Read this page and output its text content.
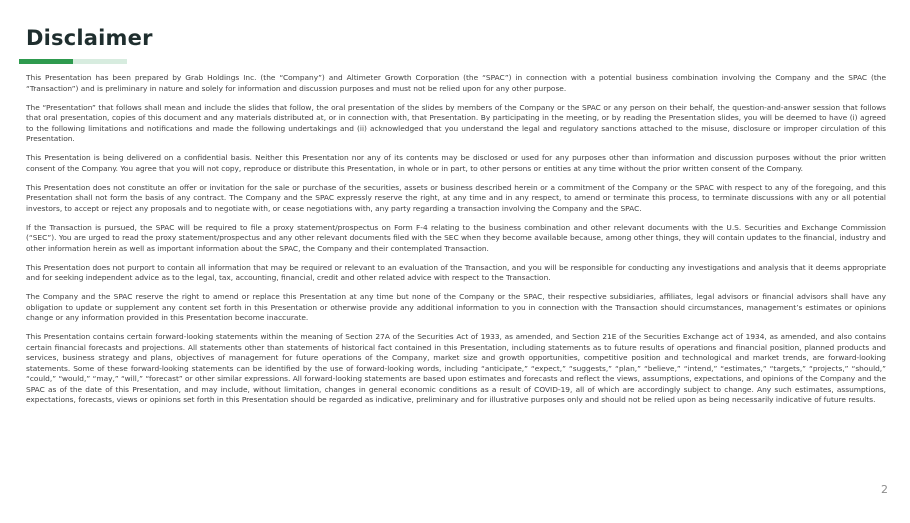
Disclaimer

This Presentation has been prepared by Grab Holdings Inc. (the “Company”) and Altimeter Growth Corporation (the “SPAC”) in connection with a potential business combination involving the Company and the SPAC (the “Transaction”) and is preliminary in nature and solely for information and discussion purposes and must not be relied upon for any other purpose.

The “Presentation” that follows shall mean and include the slides that follow, the oral presentation of the slides by members of the Company or the SPAC or any person on their behalf, the question-and-answer session that follows that oral presentation, copies of this document and any materials distributed at, or in connection with, that Presentation. By participating in the meeting, or by reading the Presentation slides, you will be deemed to have (i) agreed to the following limitations and notifications and made the following undertakings and (ii) acknowledged that you understand the legal and regulatory sanctions attached to the misuse, disclosure or improper circulation of this Presentation.

This Presentation is being delivered on a confidential basis. Neither this Presentation nor any of its contents may be disclosed or used for any purposes other than information and discussion purposes without the prior written consent of the Company. You agree that you will not copy, reproduce or distribute this Presentation, in whole or in part, to other persons or entities at any time without the prior written consent of the Company.

This Presentation does not constitute an offer or invitation for the sale or purchase of the securities, assets or business described herein or a commitment of the Company or the SPAC with respect to any of the foregoing, and this Presentation shall not form the basis of any contract. The Company and the SPAC expressly reserve the right, at any time and in any respect, to amend or terminate this process, to terminate discussions with any or all potential investors, to accept or reject any proposals and to negotiate with, or cease negotiations with, any party regarding a transaction involving the Company and the SPAC.

If the Transaction is pursued, the SPAC will be required to file a proxy statement/prospectus on Form F-4 relating to the business combination and other relevant documents with the U.S. Securities and Exchange Commission (“SEC”). You are urged to read the proxy statement/prospectus and any other relevant documents filed with the SEC when they become available because, among other things, they will contain updates to the financial, industry and other information herein as well as important information about the SPAC, the Company and their contemplated Transaction.

This Presentation does not purport to contain all information that may be required or relevant to an evaluation of the Transaction, and you will be responsible for conducting any investigations and analysis that it deems appropriate and for seeking independent advice as to the legal, tax, accounting, financial, credit and other related advice with respect to the Transaction.

The Company and the SPAC reserve the right to amend or replace this Presentation at any time but none of the Company or the SPAC, their respective subsidiaries, affiliates, legal advisors or financial advisors shall have any obligation to update or supplement any content set forth in this Presentation or otherwise provide any additional information to you in connection with the Transaction should circumstances, management’s estimates or opinions change or any information provided in this Presentation become inaccurate.

This Presentation contains certain forward-looking statements within the meaning of Section 27A of the Securities Act of 1933, as amended, and Section 21E of the Securities Exchange act of 1934, as amended, and also contains certain financial forecasts and projections. All statements other than statements of historical fact contained in this Presentation, including statements as to future results of operations and financial position, planned products and services, business strategy and plans, objectives of management for future operations of the Company, market size and growth opportunities, competitive position and technological and market trends, are forward-looking statements. Some of these forward-looking statements can be identified by the use of forward-looking words, including “anticipate,” “expect,” “suggests,” “plan,” “believe,” “intend,” “estimates,” “targets,” “projects,” “should,” “could,” “would,” “may,” “will,” “forecast” or other similar expressions. All forward-looking statements are based upon estimates and forecasts and reflect the views, assumptions, expectations, and opinions of the Company and the SPAC as of the date of this Presentation, and may include, without limitation, changes in general economic conditions as a result of COVID-19, all of which are accordingly subject to change. Any such estimates, assumptions, expectations, forecasts, views or opinions set forth in this Presentation should be regarded as indicative, preliminary and for illustrative purposes only and should not be relied upon as being necessarily indicative of future results.

2
